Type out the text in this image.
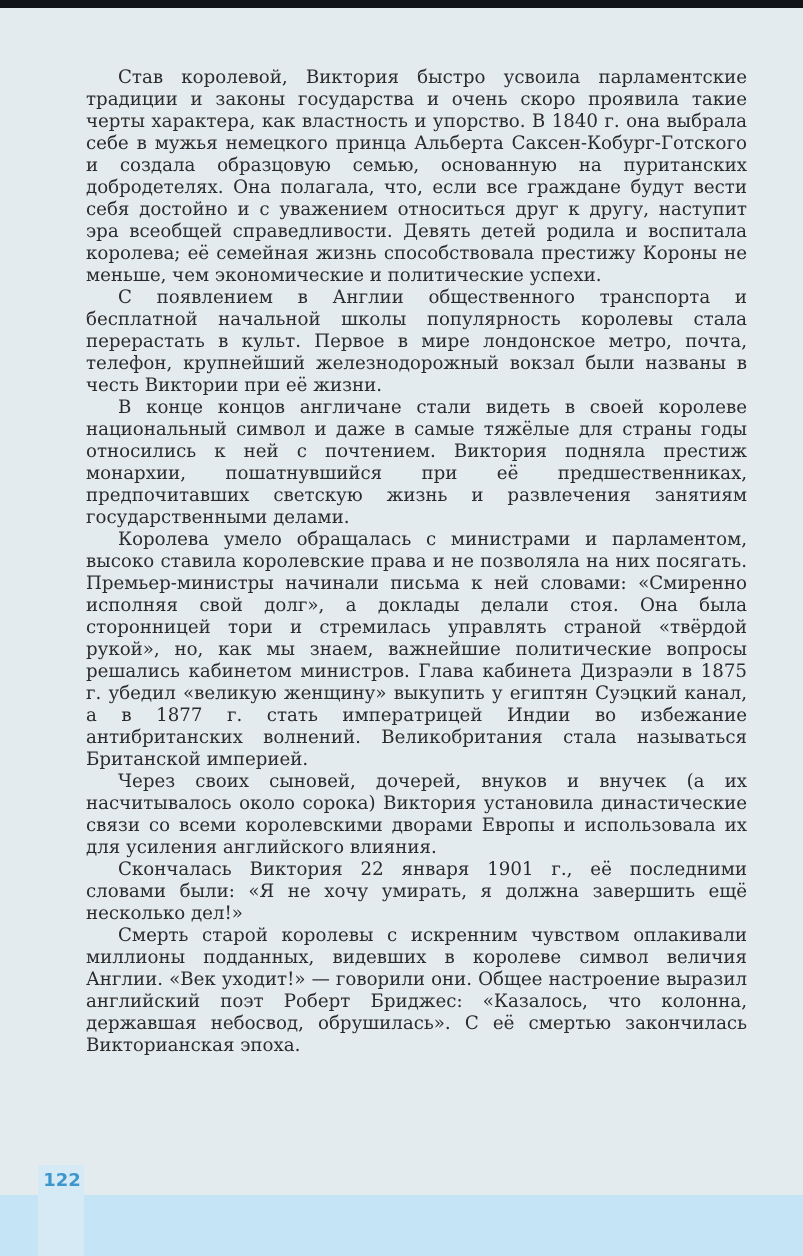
Став королевой, Виктория быстро усвоила парламентские традиции и законы государства и очень скоро проявила такие черты характера, как властность и упорство. В 1840 г. она выбрала себе в мужья немецкого принца Альберта Саксен-Кобург-Готского и создала образцовую семью, основанную на пуританских добродетелях. Она полагала, что, если все граждане будут вести себя достойно и с уважением относиться друг к другу, наступит эра всеобщей справедливости. Девять детей родила и воспитала королева; её семейная жизнь способствовала престижу Короны не меньше, чем экономические и политические успехи.

С появлением в Англии общественного транспорта и бесплатной начальной школы популярность королевы стала перерастать в культ. Первое в мире лондонское метро, почта, телефон, крупнейший железнодорожный вокзал были названы в честь Виктории при её жизни.

В конце концов англичане стали видеть в своей королеве национальный символ и даже в самые тяжёлые для страны годы относились к ней с почтением. Виктория подняла престиж монархии, пошатнувшийся при её предшественниках, предпочитавших светскую жизнь и развлечения занятиям государственными делами.

Королева умело обращалась с министрами и парламентом, высоко ставила королевские права и не позволяла на них посягать. Премьер-министры начинали письма к ней словами: «Смиренно исполняя свой долг», а доклады делали стоя. Она была сторонницей тори и стремилась управлять страной «твёрдой рукой», но, как мы знаем, важнейшие политические вопросы решались кабинетом министров. Глава кабинета Дизраэли в 1875 г. убедил «великую женщину» выкупить у египтян Суэцкий канал, а в 1877 г. стать императрицей Индии во избежание антибританских волнений. Великобритания стала называться Британской империей.

Через своих сыновей, дочерей, внуков и внучек (а их насчитывалось около сорока) Виктория установила династические связи со всеми королевскими дворами Европы и использовала их для усиления английского влияния.

Скончалась Виктория 22 января 1901 г., её последними словами были: «Я не хочу умирать, я должна завершить ещё несколько дел!»

Смерть старой королевы с искренним чувством оплакивали миллионы подданных, видевших в королеве символ величия Англии. «Век уходит!» — говорили они. Общее настроение выразил английский поэт Роберт Бриджес: «Казалось, что колонна, державшая небосвод, обрушилась». С её смертью закончилась Викторианская эпоха.

122
